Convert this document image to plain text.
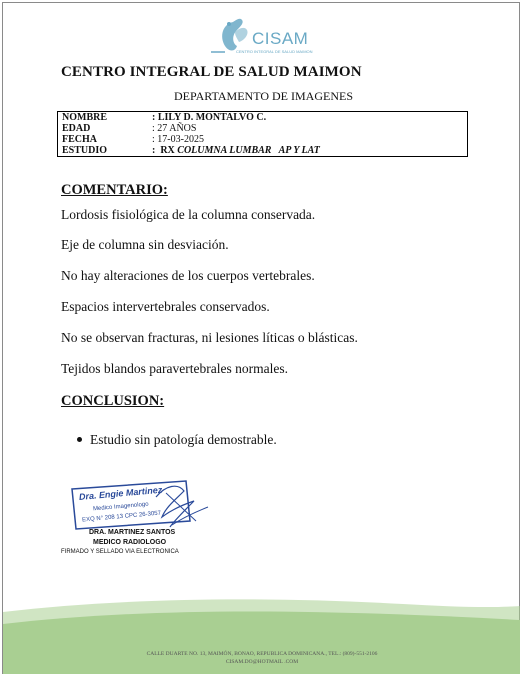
CISAM
CENTRO INTEGRAL DE SALUD MAIMON
CENTRO INTEGRAL DE SALUD MAIMON
DEPARTAMENTO DE IMAGENES
NOMBRE	: LILY D. MONTALVO C.
EDAD	: 27 AÑOS
FECHA	: 17-03-2025
ESTUDIO	:  RX COLUMNA LUMBAR   AP Y LAT
COMENTARIO:
Lordosis fisiológica de la columna conservada.
Eje de columna sin desviación.
No hay alteraciones de los cuerpos vertebrales.
Espacios intervertebrales conservados.
No se observan fracturas, ni lesiones líticas o blásticas.
Tejidos blandos paravertebrales normales.
CONCLUSION:
Estudio sin patología demostrable.
Dra. Engie Martinez
Medico Imagenologo
EXQ N° 208 13 CPC 26-3057
DRA. MARTINEZ SANTOS
MEDICO RADIOLOGO
FIRMADO Y SELLADO VIA ELECTRONICA
CALLE DUARTE NO. 13, MAIMÓN, BONAO, REPUBLICA DOMINICANA., TEL.: (809)-551-2106
CISAM.DO@HOTMAIL .COM
